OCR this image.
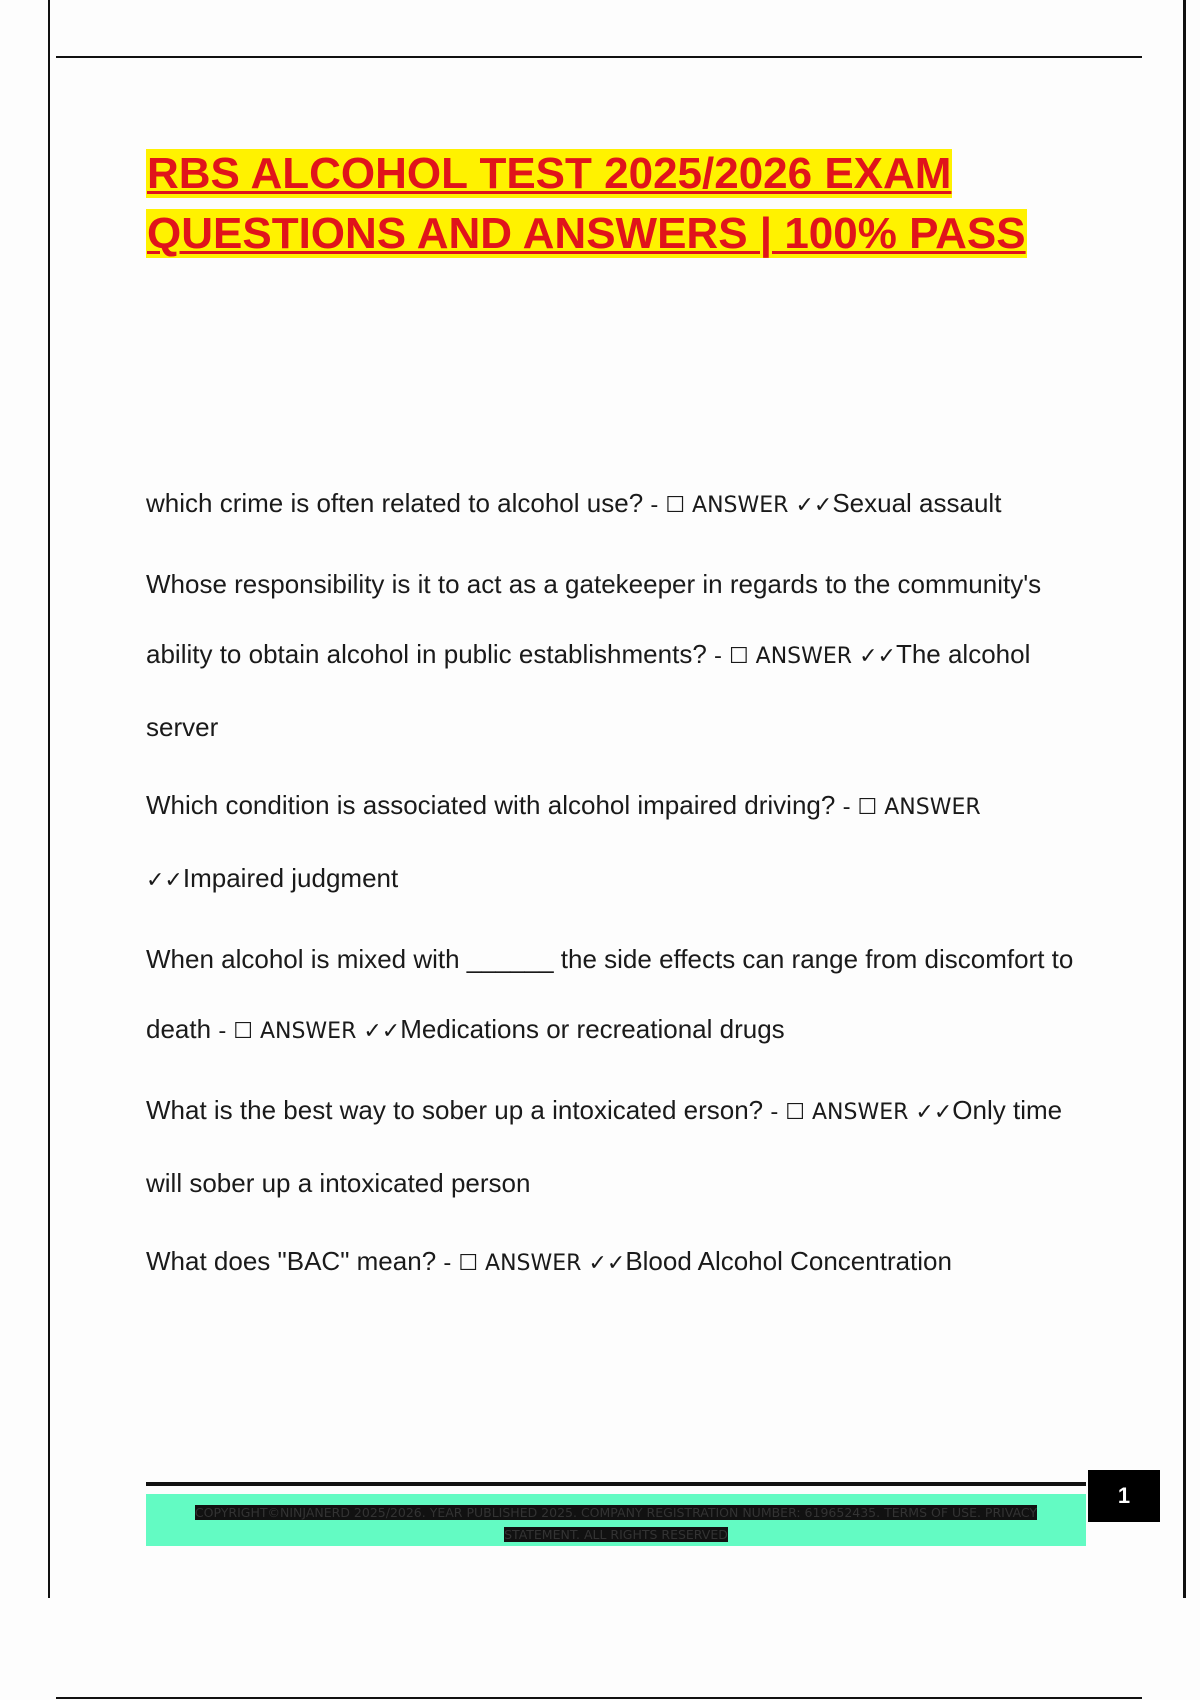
RBS ALCOHOL TEST 2025/2026 EXAM QUESTIONS AND ANSWERS | 100% PASS
which crime is often related to alcohol use? - ☐ ANSWER ✓✓Sexual assault
Whose responsibility is it to act as a gatekeeper in regards to the community's ability to obtain alcohol in public establishments? - ☐ ANSWER ✓✓The alcohol server
Which condition is associated with alcohol impaired driving? - ☐ ANSWER ✓✓Impaired judgment
When alcohol is mixed with ______ the side effects can range from discomfort to death - ☐ ANSWER ✓✓Medications or recreational drugs
What is the best way to sober up a intoxicated erson? - ☐ ANSWER ✓✓Only time will sober up a intoxicated person
What does "BAC" mean? - ☐ ANSWER ✓✓Blood Alcohol Concentration
COPYRIGHT©NINJANERD 2025/2026. YEAR PUBLISHED 2025. COMPANY REGISTRATION NUMBER: 619652435. TERMS OF USE. PRIVACY STATEMENT. ALL RIGHTS RESERVED
1
